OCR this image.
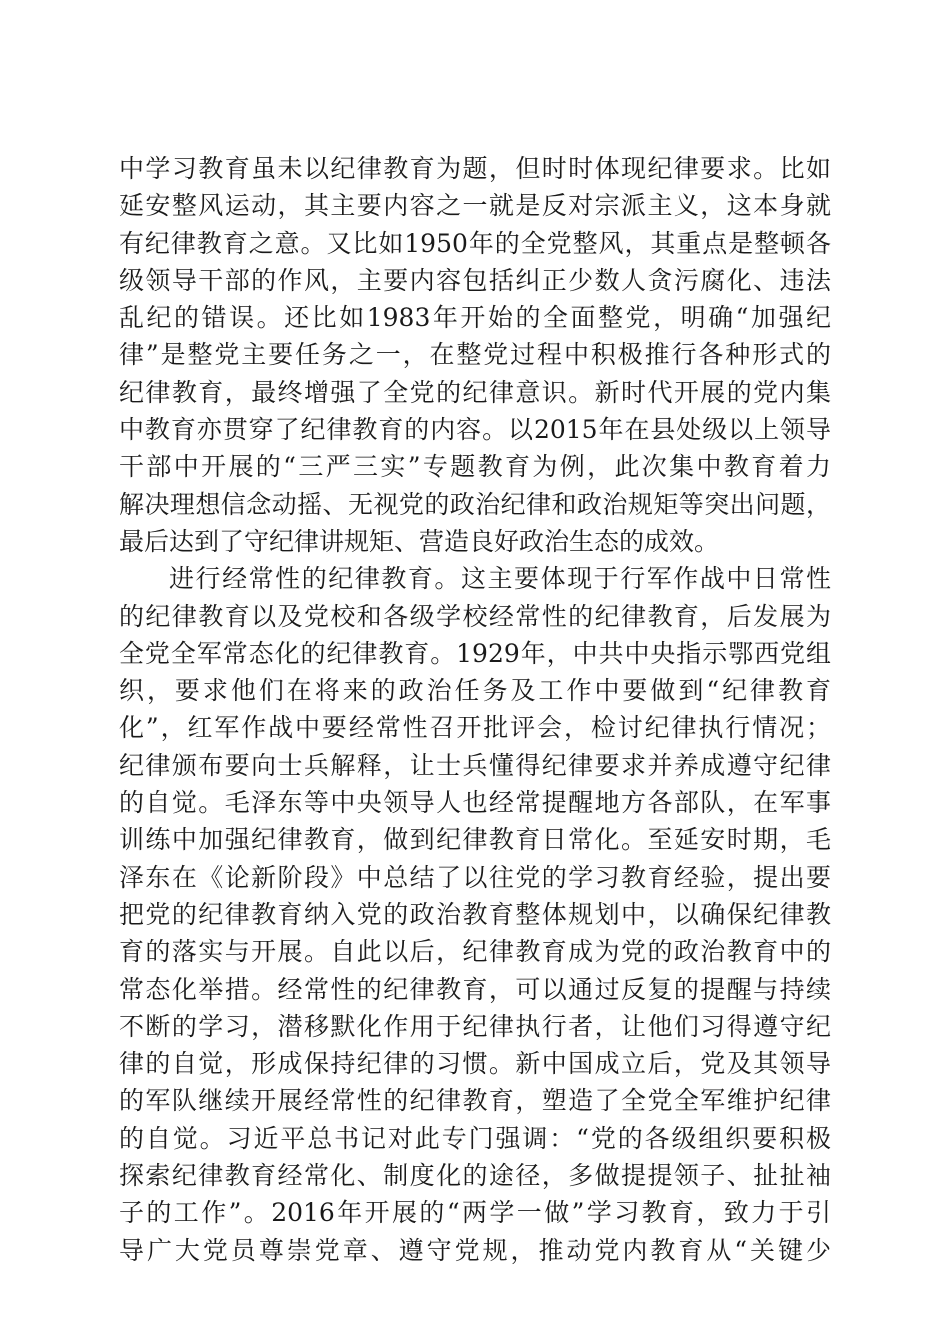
中学习教育虽未以纪律教育为题，但时时体现纪律要求。比如
延安整风运动，其主要内容之一就是反对宗派主义，这本身就
有纪律教育之意。又比如1950年的全党整风，其重点是整顿各
级领导干部的作风，主要内容包括纠正少数人贪污腐化、违法
乱纪的错误。还比如1983年开始的全面整党，明确“加强纪
律”是整党主要任务之一，在整党过程中积极推行各种形式的
纪律教育，最终增强了全党的纪律意识。新时代开展的党内集
中教育亦贯穿了纪律教育的内容。以2015年在县处级以上领导
干部中开展的“三严三实”专题教育为例，此次集中教育着力
解决理想信念动摇、无视党的政治纪律和政治规矩等突出问题，
最后达到了守纪律讲规矩、营造良好政治生态的成效。
进行经常性的纪律教育。这主要体现于行军作战中日常性
的纪律教育以及党校和各级学校经常性的纪律教育，后发展为
全党全军常态化的纪律教育。1929年，中共中央指示鄂西党组
织，要求他们在将来的政治任务及工作中要做到“纪律教育
化”，红军作战中要经常性召开批评会，检讨纪律执行情况；
纪律颁布要向士兵解释，让士兵懂得纪律要求并养成遵守纪律
的自觉。毛泽东等中央领导人也经常提醒地方各部队，在军事
训练中加强纪律教育，做到纪律教育日常化。至延安时期，毛
泽东在《论新阶段》中总结了以往党的学习教育经验，提出要
把党的纪律教育纳入党的政治教育整体规划中，以确保纪律教
育的落实与开展。自此以后，纪律教育成为党的政治教育中的
常态化举措。经常性的纪律教育，可以通过反复的提醒与持续
不断的学习，潜移默化作用于纪律执行者，让他们习得遵守纪
律的自觉，形成保持纪律的习惯。新中国成立后，党及其领导
的军队继续开展经常性的纪律教育，塑造了全党全军维护纪律
的自觉。习近平总书记对此专门强调：“党的各级组织要积极
探索纪律教育经常化、制度化的途径，多做提提领子、扯扯袖
子的工作”。2016年开展的“两学一做”学习教育，致力于引
导广大党员尊崇党章、遵守党规，推动党内教育从“关键少
